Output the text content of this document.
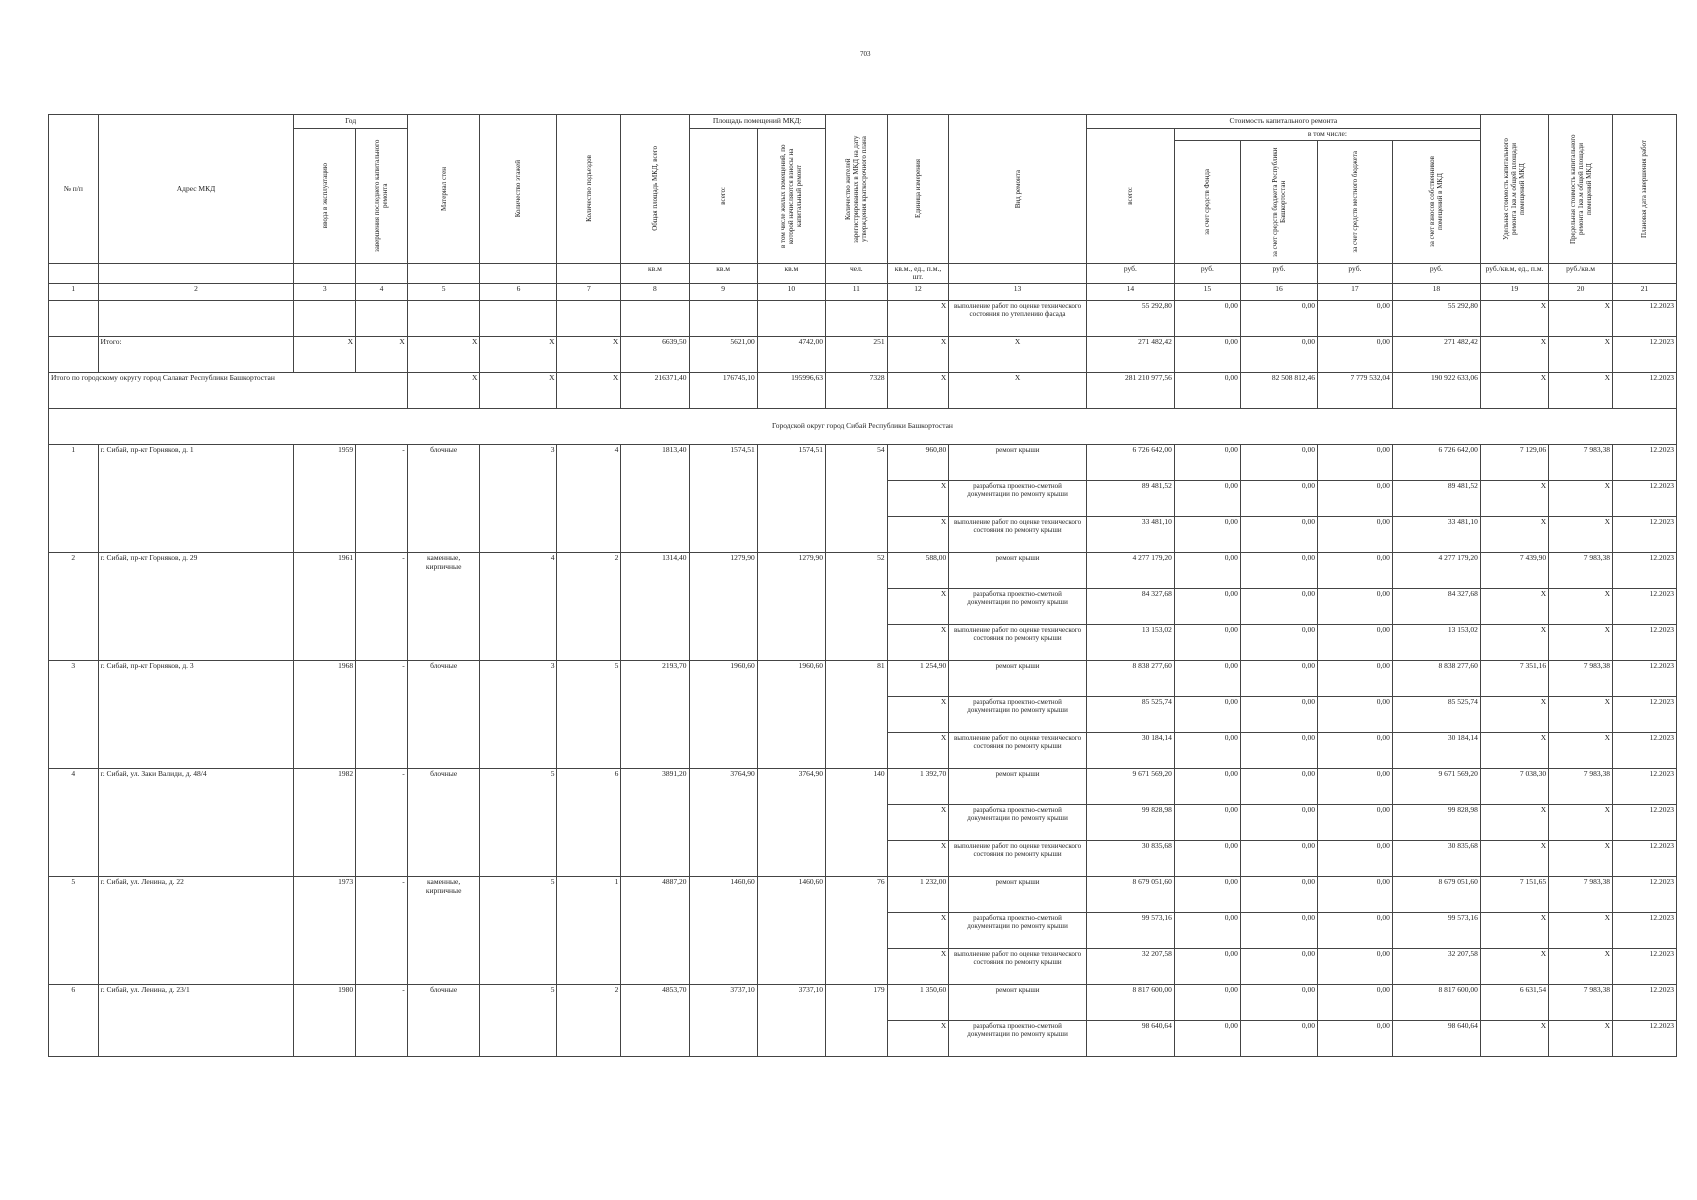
703
№ п/п	Адрес МКД	Год		Материал стен	Количество этажей	Количество подъездов	Общая площадь МКД, всего	Площадь помещений МКД:		Количество жителей зарегистрированных в МКД на дату утверждения краткосрочного плана	Единица измерения	Вид ремонта	Стоимость капитального ремонта					Удельная стоимость капитального ремонта 1кв.м общей площади помещений МКД	Предельная стоимость капитального ремонта 1кв.м общей площади помещений МКД	Плановая дата завершения работ

		ввода в эксплуатацию	завершения последнего капитального ремонта					всего:	в том числе жилых помещений, по которой начисляются взносы на капитальный ремонт				всего:	в том числе:						

														за счет средств Фонда	за счет средств бюджета Республики Башкортостан	за счет средств местного бюджета	за счет взносов собственников помещений в МКД			

							кв.м	кв.м	кв.м	чел.	кв.м., ед., п.м., шт.		руб.	руб.	руб.	руб.	руб.	руб./кв.м, ед., п.м.	руб./кв.м	
1	2	3	4	5	6	7	8	9	10	11	12	13	14	15	16	17	18	19	20	21
											X	выполнение работ по оценке технического состояния по утеплению фасада	55 292,80	0,00	0,00	0,00	55 292,80	X	X	12.2023
	Итого:	X	X	X	X	X	6639,50	5621,00	4742,00	251	X	X	271 482,42	0,00	0,00	0,00	271 482,42	X	X	12.2023
Итого по городскому округу город Салават Республики Башкортостан				X	X	X	216371,40	176745,10	195996,63	7328	X	X	281 210 977,56	0,00	82 508 812,46	7 779 532,04	190 922 633,06	X	X	12.2023
Городской округ город Сибай Республики Башкортостан																				
1	г. Сибай, пр-кт Горняков, д. 1	1959	-	блочные	3	4	1813,40	1574,51	1574,51	54	960,80	ремонт крыши	6 726 642,00	0,00	0,00	0,00	6 726 642,00	7 129,06	7 983,38	12.2023
											X	разработка проектно-сметной документации по ремонту крыши	89 481,52	0,00	0,00	0,00	89 481,52	X	X	12.2023
											X	выполнение работ по оценке технического состояния по ремонту крыши	33 481,10	0,00	0,00	0,00	33 481,10	X	X	12.2023
2	г. Сибай, пр-кт Горняков, д. 29	1961	-	каменные, кирпичные	4	2	1314,40	1279,90	1279,90	52	588,00	ремонт крыши	4 277 179,20	0,00	0,00	0,00	4 277 179,20	7 439,90	7 983,38	12.2023
											X	разработка проектно-сметной документации по ремонту крыши	84 327,68	0,00	0,00	0,00	84 327,68	X	X	12.2023
											X	выполнение работ по оценке технического состояния по ремонту крыши	13 153,02	0,00	0,00	0,00	13 153,02	X	X	12.2023
3	г. Сибай, пр-кт Горняков, д. 3	1968	-	блочные	3	5	2193,70	1960,60	1960,60	81	1 254,90	ремонт крыши	8 838 277,60	0,00	0,00	0,00	8 838 277,60	7 351,16	7 983,38	12.2023
											X	разработка проектно-сметной документации по ремонту крыши	85 525,74	0,00	0,00	0,00	85 525,74	X	X	12.2023
											X	выполнение работ по оценке технического состояния по ремонту крыши	30 184,14	0,00	0,00	0,00	30 184,14	X	X	12.2023
4	г. Сибай, ул. Заки Валиди, д. 48/4	1982	-	блочные	5	6	3891,20	3764,90	3764,90	140	1 392,70	ремонт крыши	9 671 569,20	0,00	0,00	0,00	9 671 569,20	7 038,30	7 983,38	12.2023
											X	разработка проектно-сметной документации по ремонту крыши	99 828,98	0,00	0,00	0,00	99 828,98	X	X	12.2023
											X	выполнение работ по оценке технического состояния по ремонту крыши	30 835,68	0,00	0,00	0,00	30 835,68	X	X	12.2023
5	г. Сибай, ул. Ленина, д. 22	1973	-	каменные, кирпичные	5	1	4887,20	1460,60	1460,60	76	1 232,00	ремонт крыши	8 679 051,60	0,00	0,00	0,00	8 679 051,60	7 151,65	7 983,38	12.2023
											X	разработка проектно-сметной документации по ремонту крыши	99 573,16	0,00	0,00	0,00	99 573,16	X	X	12.2023
											X	выполнение работ по оценке технического состояния по ремонту крыши	32 207,58	0,00	0,00	0,00	32 207,58	X	X	12.2023
6	г. Сибай, ул. Ленина, д. 23/1	1980	-	блочные	5	2	4853,70	3737,10	3737,10	179	1 350,60	ремонт крыши	8 817 600,00	0,00	0,00	0,00	8 817 600,00	6 631,54	7 983,38	12.2023
											X	разработка проектно-сметной документации по ремонту крыши	98 640,64	0,00	0,00	0,00	98 640,64	X	X	12.2023
